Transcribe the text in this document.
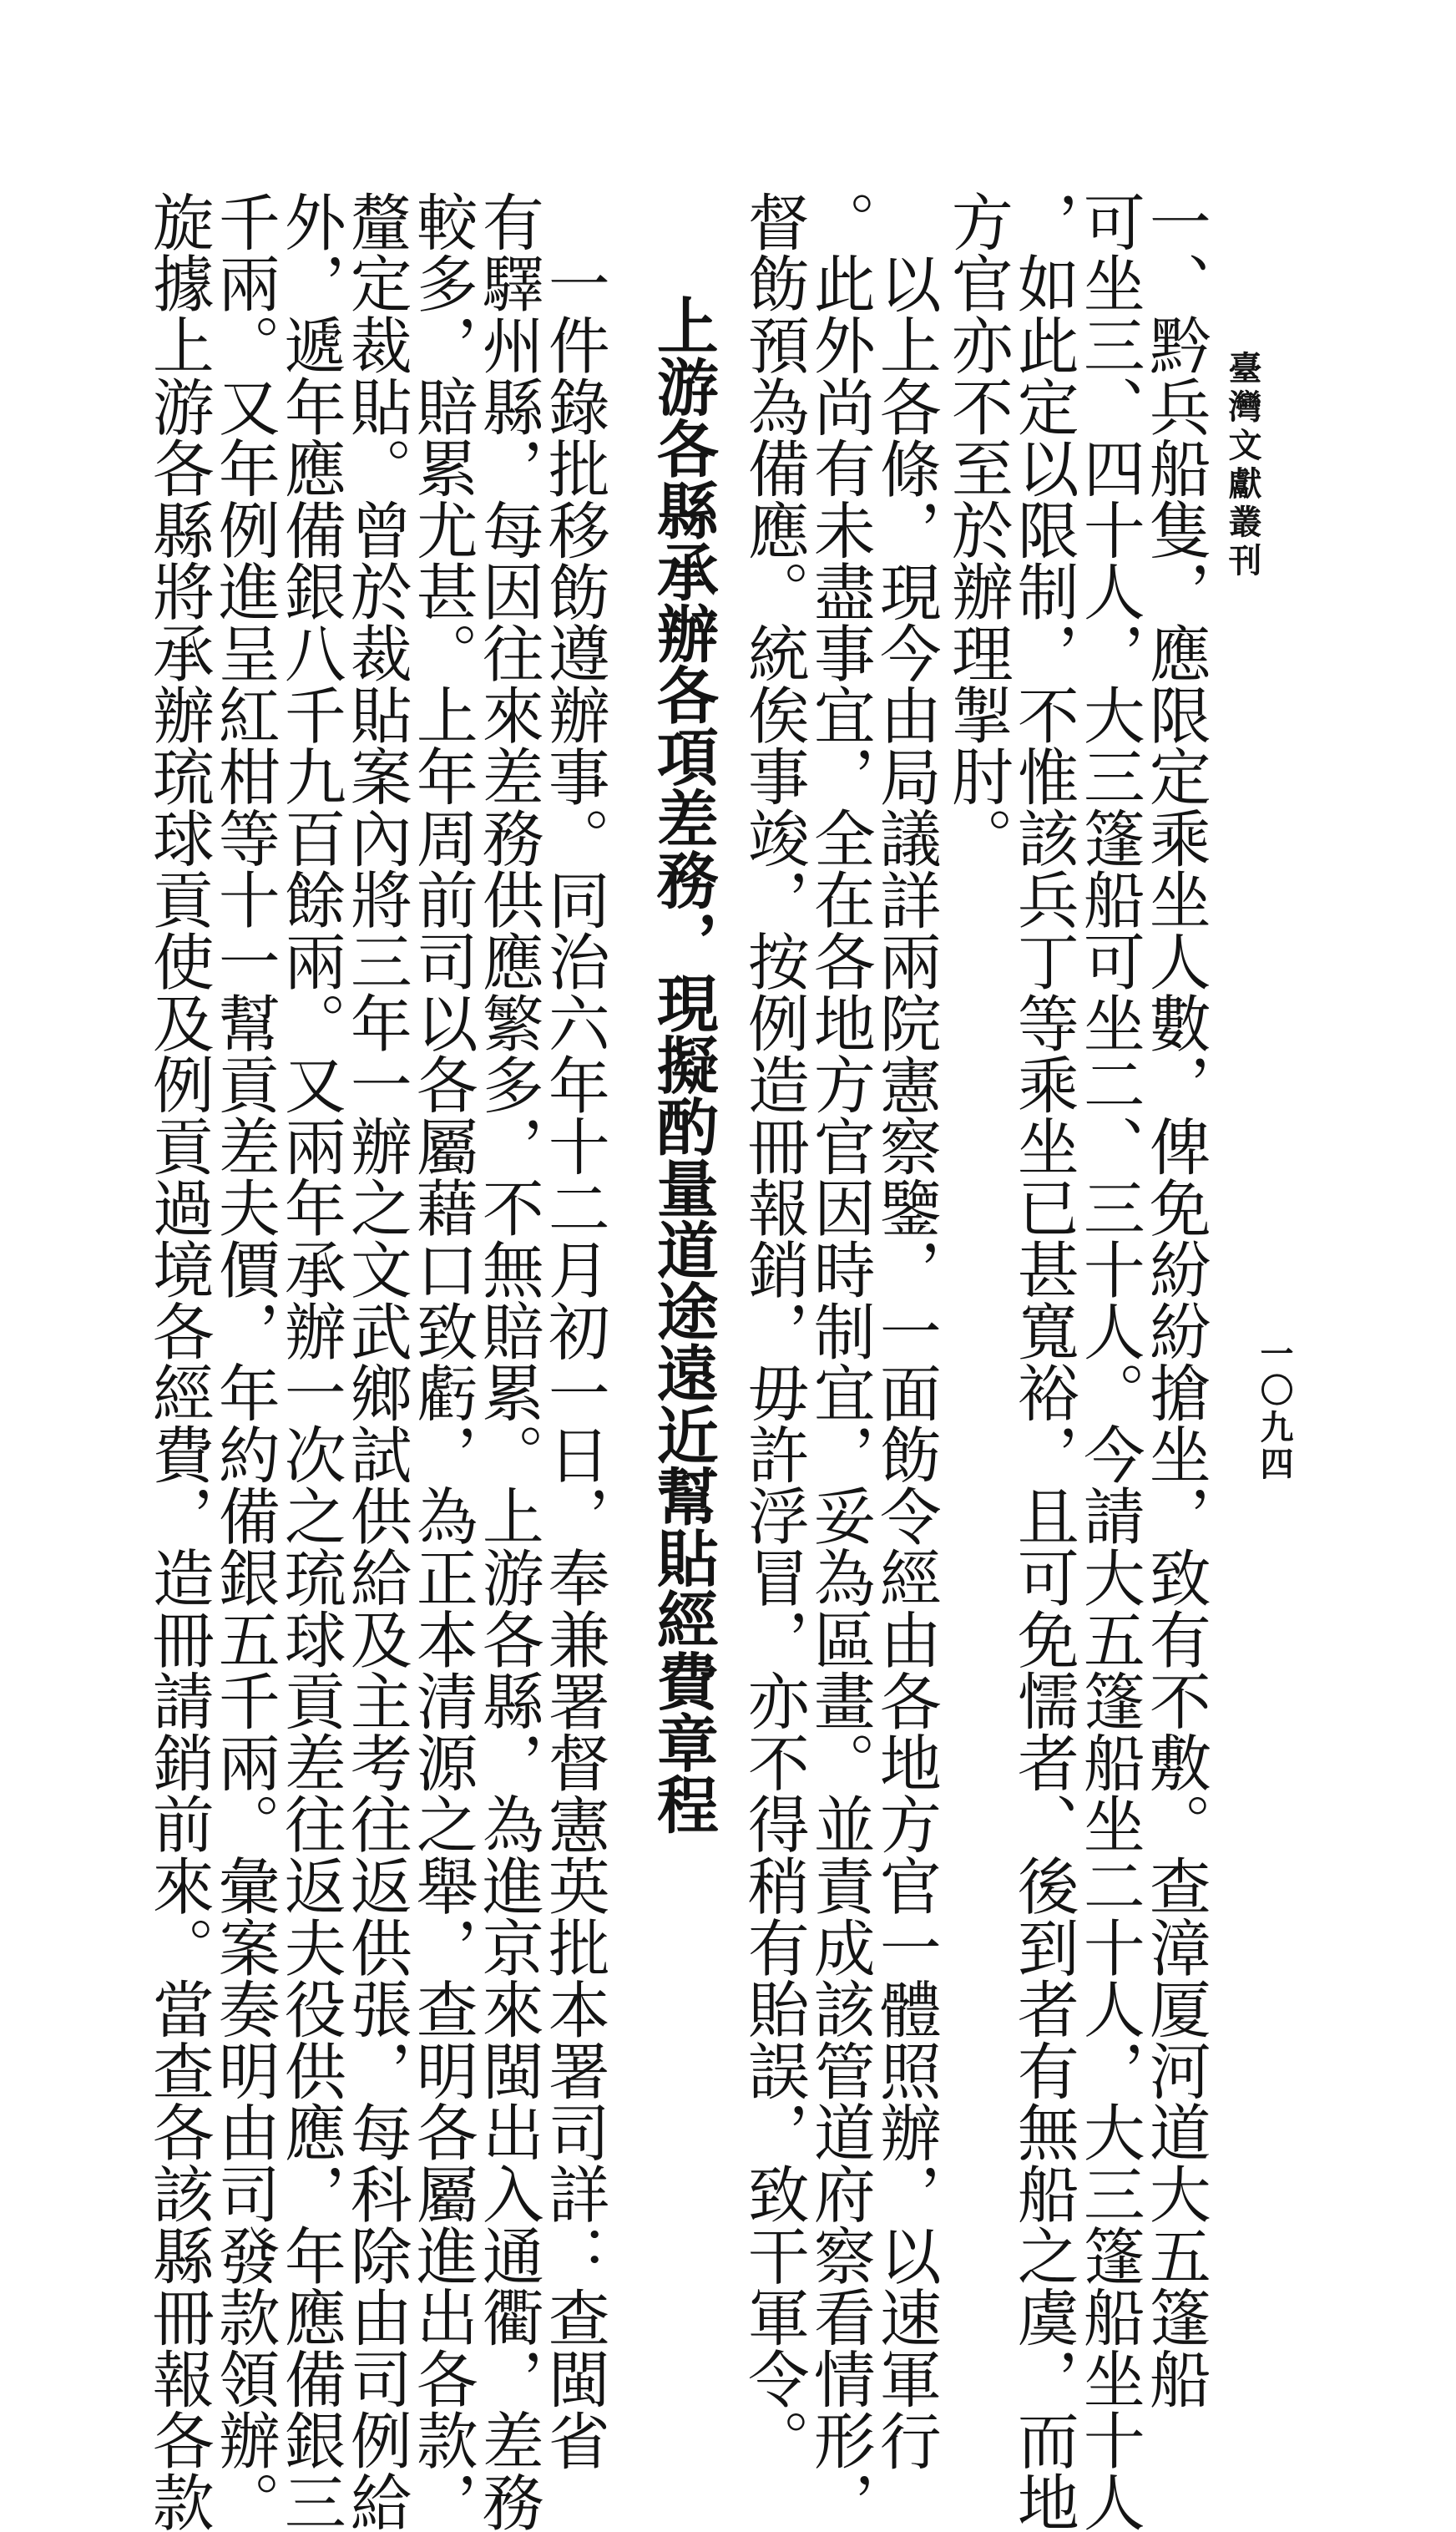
臺灣文獻叢刊

一〇九四

一、黔兵船隻，應限定乘坐人數，俾免紛紛搶坐，致有不敷。查漳厦河道大五篷船

可坐三、四十人，大三篷船可坐二、三十人。今請大五篷船坐二十人，大三篷船坐十人

，如此定以限制，不惟該兵丁等乘坐已甚寬裕，且可免懦者、後到者有無船之虞，而地

方官亦不至於辦理掣肘。

以上各條，現今由局議詳兩院憲察鑒，一面飭令經由各地方官一體照辦，以速軍行

。此外尚有未盡事宜，全在各地方官因時制宜，妥為區畫。並責成該管道府察看情形，

督飭預為備應。統俟事竣，按例造冊報銷，毋許浮冒，亦不得稍有貽誤，致干軍令。

上游各縣承辦各項差務，現擬酌量道途遠近幫貼經費章程

一件錄批移飭遵辦事。同治六年十二月初一日，奉兼署督憲英批本署司詳：查閩省

有驛州縣，每因往來差務供應繁多，不無賠累。上游各縣，為進京來閩出入通衢，差務

較多，賠累尤甚。上年周前司以各屬藉口致虧，為正本清源之舉，查明各屬進出各款，

釐定裁貼。曾於裁貼案內將三年一辦之文武鄉試供給及主考往返供張，每科除由司例給

外，遞年應備銀八千九百餘兩。又兩年承辦一次之琉球貢差往返夫役供應，年應備銀三

千兩。又年例進呈紅柑等十一幫貢差夫價，年約備銀五千兩。彙案奏明由司發款領辦。

旋據上游各縣將承辦琉球貢使及例貢過境各經費，造冊請銷前來。當查各該縣冊報各款
